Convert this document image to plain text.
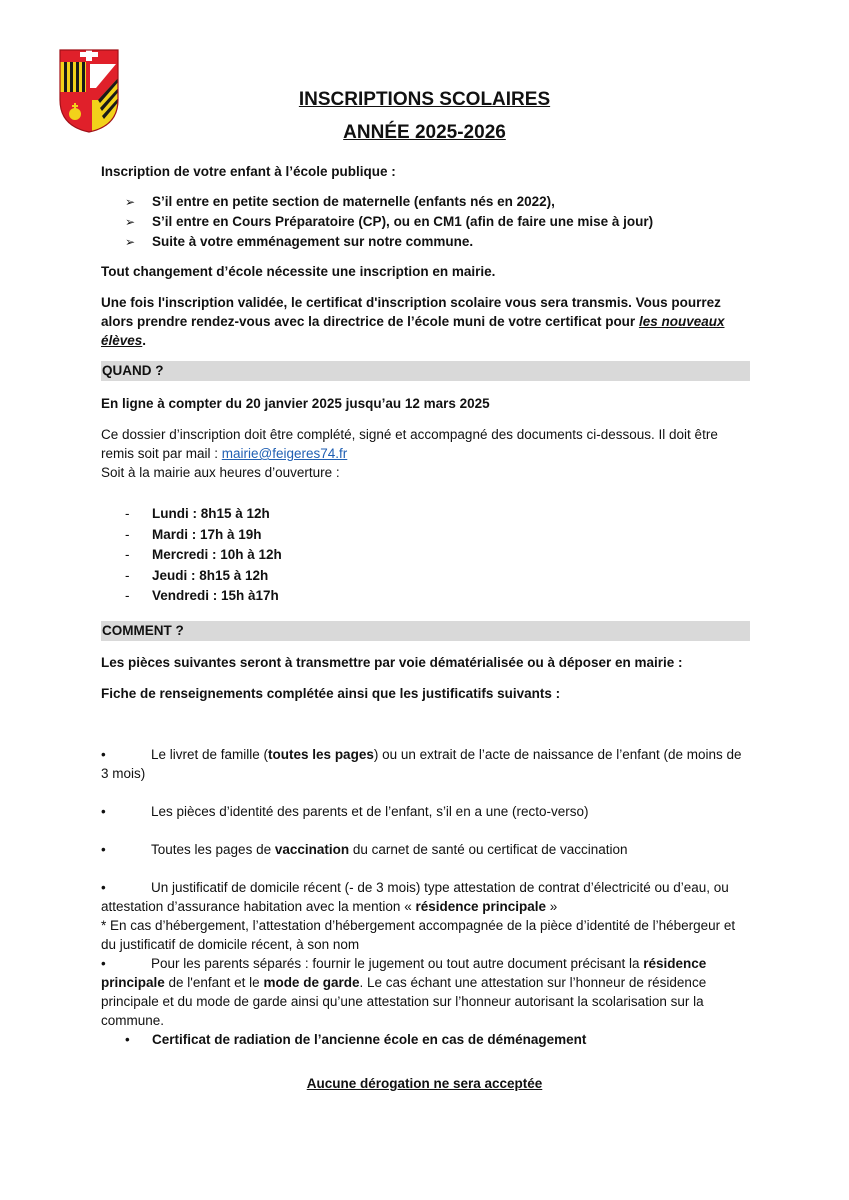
INSCRIPTIONS SCOLAIRES
ANNÉE 2025-2026

Inscription de votre enfant à l’école publique :

➢ S’il entre en petite section de maternelle (enfants nés en 2022),
➢ S’il entre en Cours Préparatoire (CP), ou en CM1 (afin de faire une mise à jour)
➢ Suite à votre emménagement sur notre commune.

Tout changement d’école nécessite une inscription en mairie.

Une fois l'inscription validée, le certificat d'inscription scolaire vous sera transmis. Vous pourrez alors prendre rendez-vous avec la directrice de l’école muni de votre certificat pour les nouveaux élèves.

QUAND ?

En ligne à compter du 20 janvier 2025 jusqu’au 12 mars 2025

Ce dossier d’inscription doit être complété, signé et accompagné des documents ci-dessous. Il doit être remis soit par mail : mairie@feigeres74.fr

Soit à la mairie aux heures d’ouverture :

- Lundi : 8h15 à 12h
- Mardi : 17h à 19h
- Mercredi : 10h à 12h
- Jeudi : 8h15 à 12h
- Vendredi : 15h à17h
COMMENT ?

Les pièces suivantes seront à transmettre par voie dématérialisée ou à déposer en mairie :

Fiche de renseignements complétée ainsi que les justificatifs suivants :

•	Le livret de famille (toutes les pages) ou un extrait de l’acte de naissance de l’enfant (de moins de 3 mois)

•	Les pièces d’identité des parents et de l’enfant, s’il en a une (recto-verso)

•	Toutes les pages de vaccination du carnet de santé ou certificat de vaccination

•	Un justificatif de domicile récent (- de 3 mois) type attestation de contrat d’électricité ou d’eau, ou attestation d’assurance habitation avec la mention « résidence principale »

* En cas d’hébergement, l’attestation d’hébergement accompagnée de la pièce d’identité de l’hébergeur et du justificatif de domicile récent, à son nom

•	Pour les parents séparés : fournir le jugement ou tout autre document précisant la résidence principale de l'enfant et le mode de garde. Le cas échant une attestation sur l’honneur de résidence principale et du mode de garde ainsi qu’une attestation sur l’honneur autorisant la scolarisation sur la commune.

• Certificat de radiation de l’ancienne école en cas de déménagement

Aucune dérogation ne sera acceptée
